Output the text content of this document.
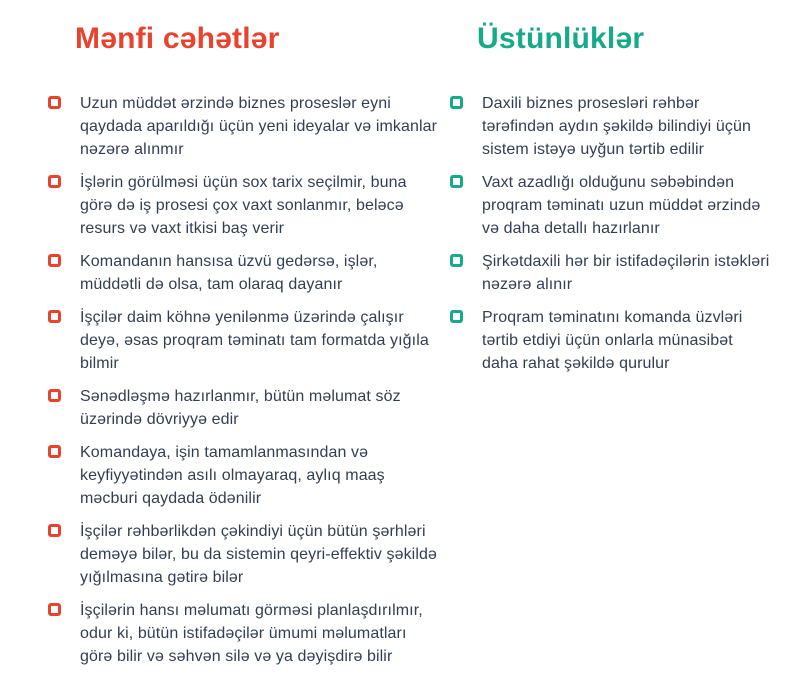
Mənfi cəhətlər
Uzun müddət ərzində biznes proseslər eyni qaydada aparıldığı üçün yeni ideyalar və imkanlar nəzərə alınmır
İşlərin görülməsi üçün sox tarix seçilmir, buna görə də iş prosesi çox vaxt sonlanmır, beləcə resurs və vaxt itkisi baş verir
Komandanın hansısa üzvü gedərsə, işlər, müddətli də olsa, tam olaraq dayanır
İşçilər daim köhnə yenilənmə üzərində çalışır deyə, əsas proqram təminatı tam formatda yığıla bilmir
Sənədləşmə hazırlanmır, bütün məlumat söz üzərində dövriyyə edir
Komandaya, işin tamamlanmasından və keyfiyyətindən asılı olmayaraq, aylıq maaş məcburi qaydada ödənilir
İşçilər rəhbərlikdən çəkindiyi üçün bütün şərhləri deməyə bilər, bu da sistemin qeyri-effektiv şəkildə yığılmasına gətirə bilər
İşçilərin hansı məlumatı görməsi planlaşdırılmır, odur ki, bütün istifadəçilər ümumi məlumatları görə bilir və səhvən silə və ya dəyişdirə bilir
Üstünlüklər
Daxili biznes prosesləri rəhbər tərəfindən aydın şəkildə bilindiyi üçün sistem istəyə uyğun tərtib edilir
Vaxt azadlığı olduğunu səbəbindən proqram təminatı uzun müddət ərzində və daha detallı hazırlanır
Şirkətdaxili hər bir istifadəçilərin istəkləri nəzərə alınır
Proqram təminatını komanda üzvləri tərtib etdiyi üçün onlarla münasibət daha rahat şəkildə qurulur
